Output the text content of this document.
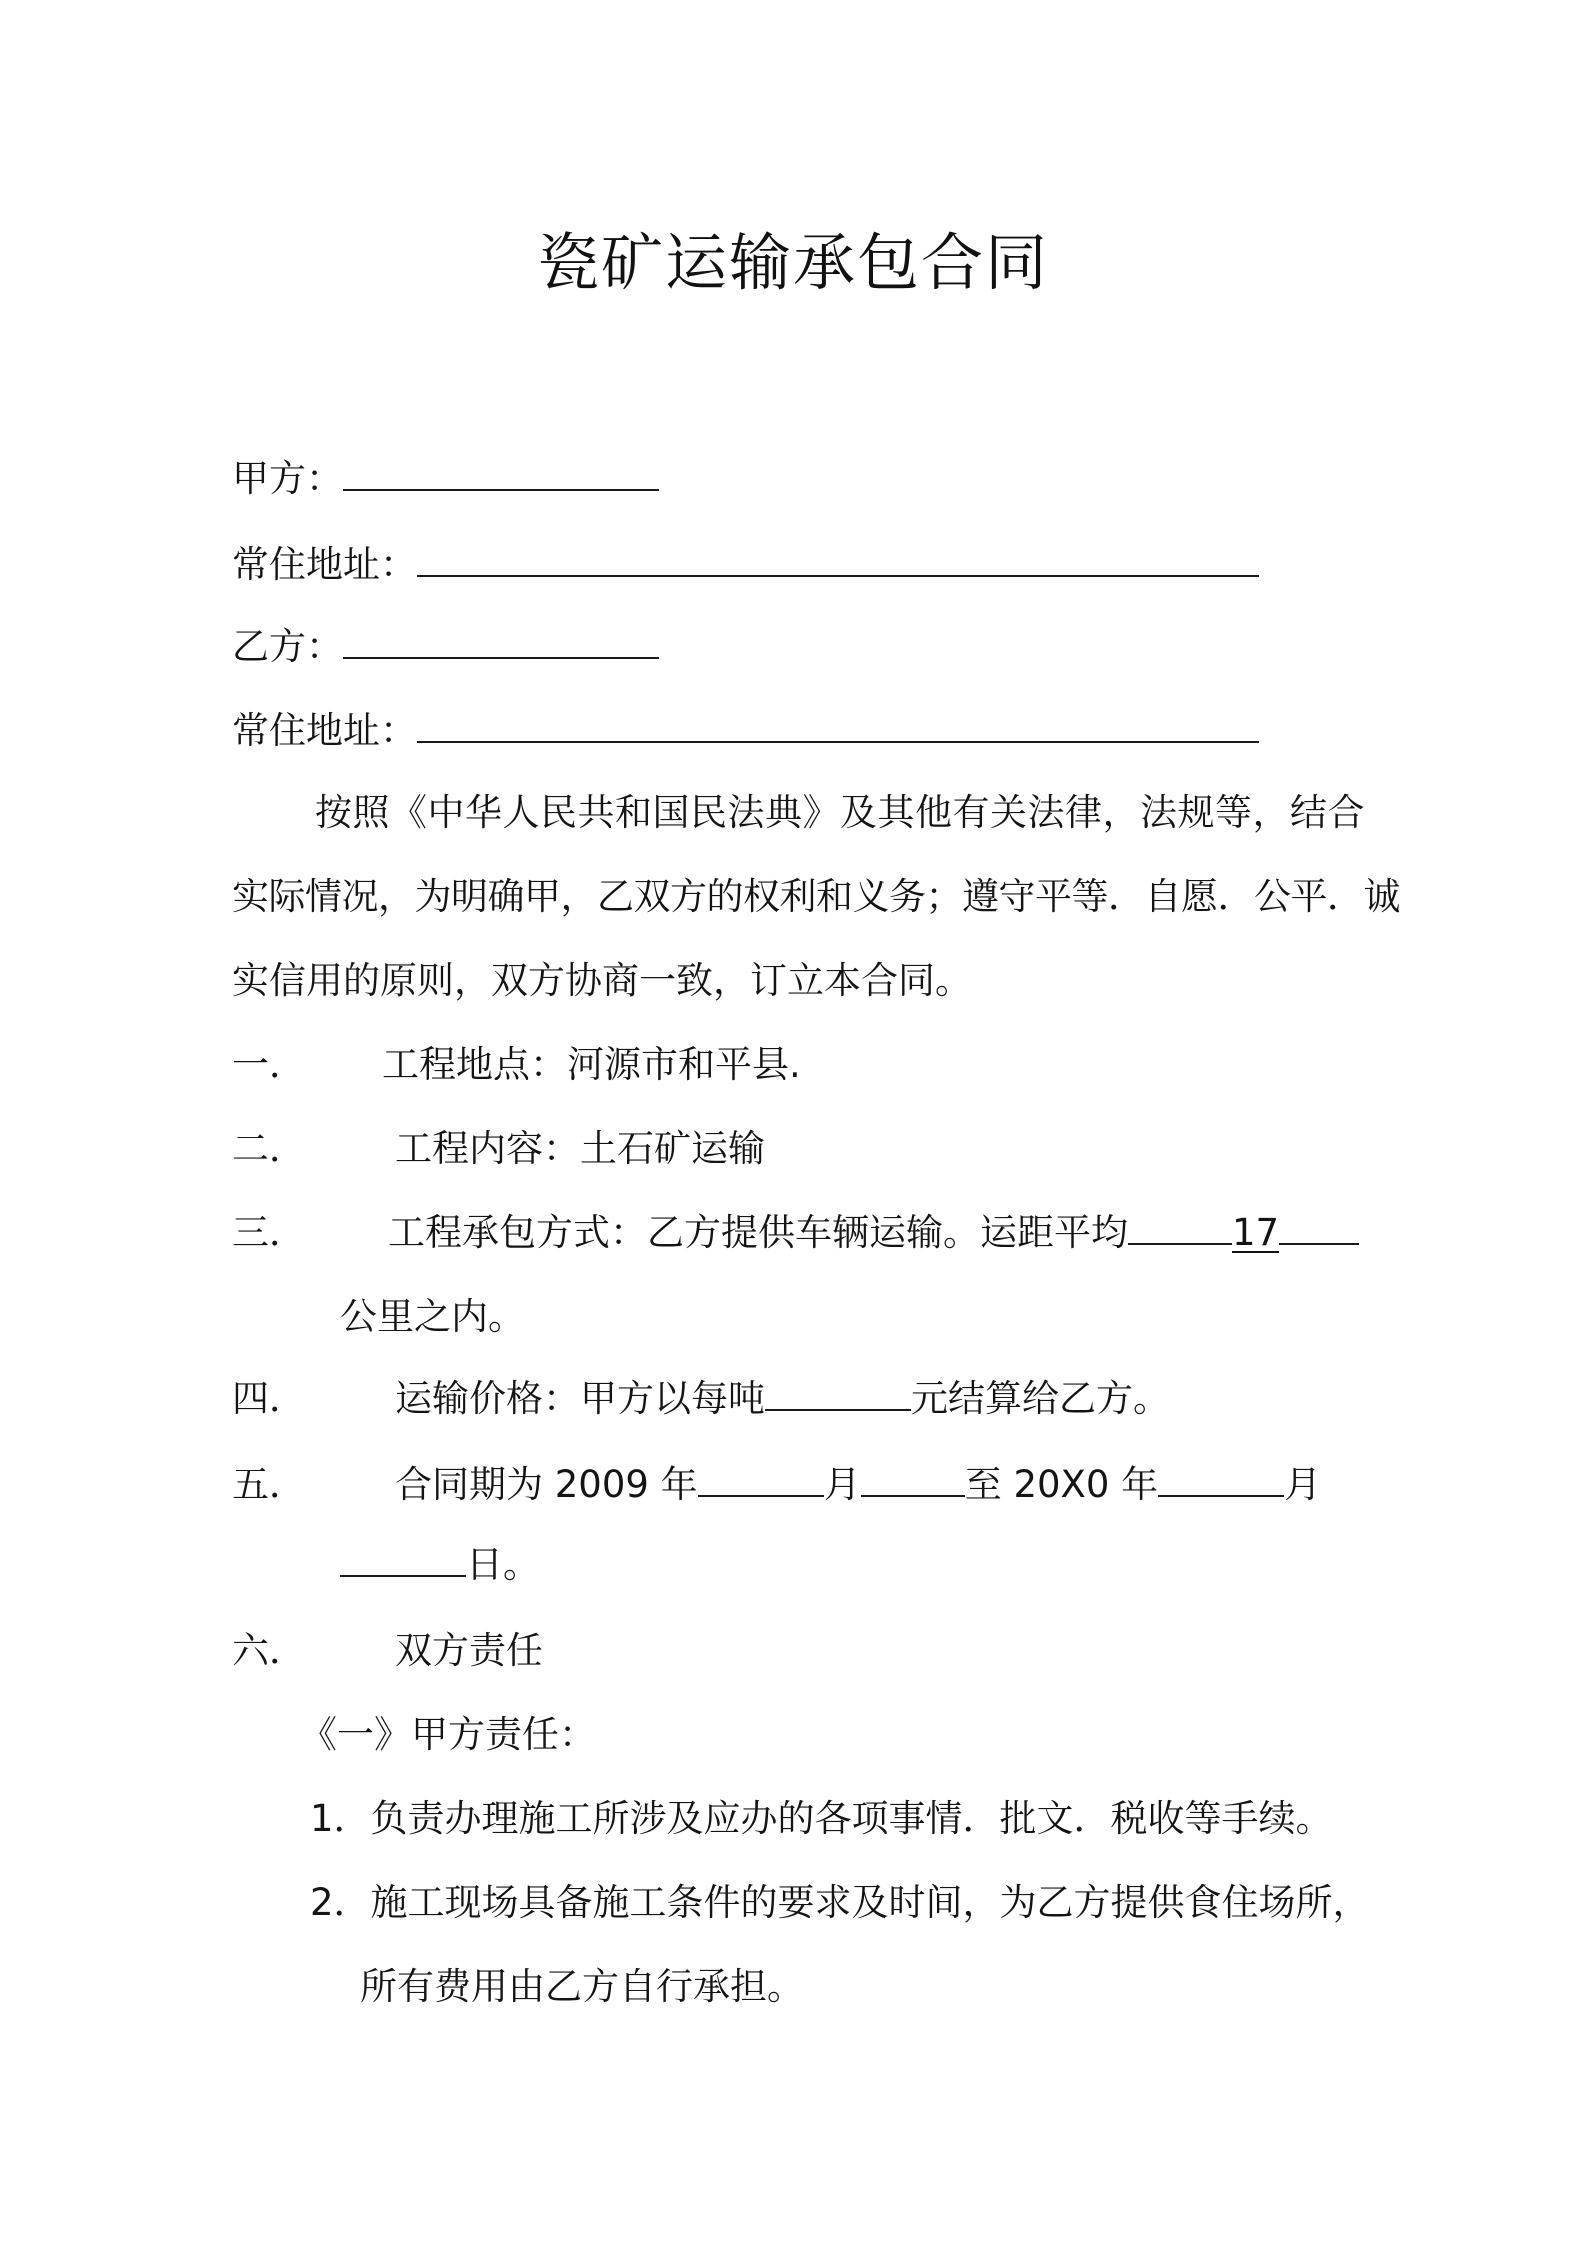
瓷矿运输承包合同
甲方：
常住地址：
乙方：
常住地址：
按照《中华人民共和国民法典》及其他有关法律，法规等，结合
实际情况，为明确甲，乙双方的权利和义务；遵守平等．自愿．公平．诚
实信用的原则，双方协商一致，订立本合同。
一． 工程地点：河源市和平县.
二． 工程内容：土石矿运输
三． 工程承包方式：乙方提供车辆运输。运距平均	17
公里之内。
四． 运输价格：甲方以每吨	元结算给乙方。
五． 合同期为 2009 年	月	至 20X0 年	月
日。
六． 双方责任
《一》甲方责任：
1．负责办理施工所涉及应办的各项事情．批文．税收等手续。
2．施工现场具备施工条件的要求及时间，为乙方提供食住场所，
所有费用由乙方自行承担。
